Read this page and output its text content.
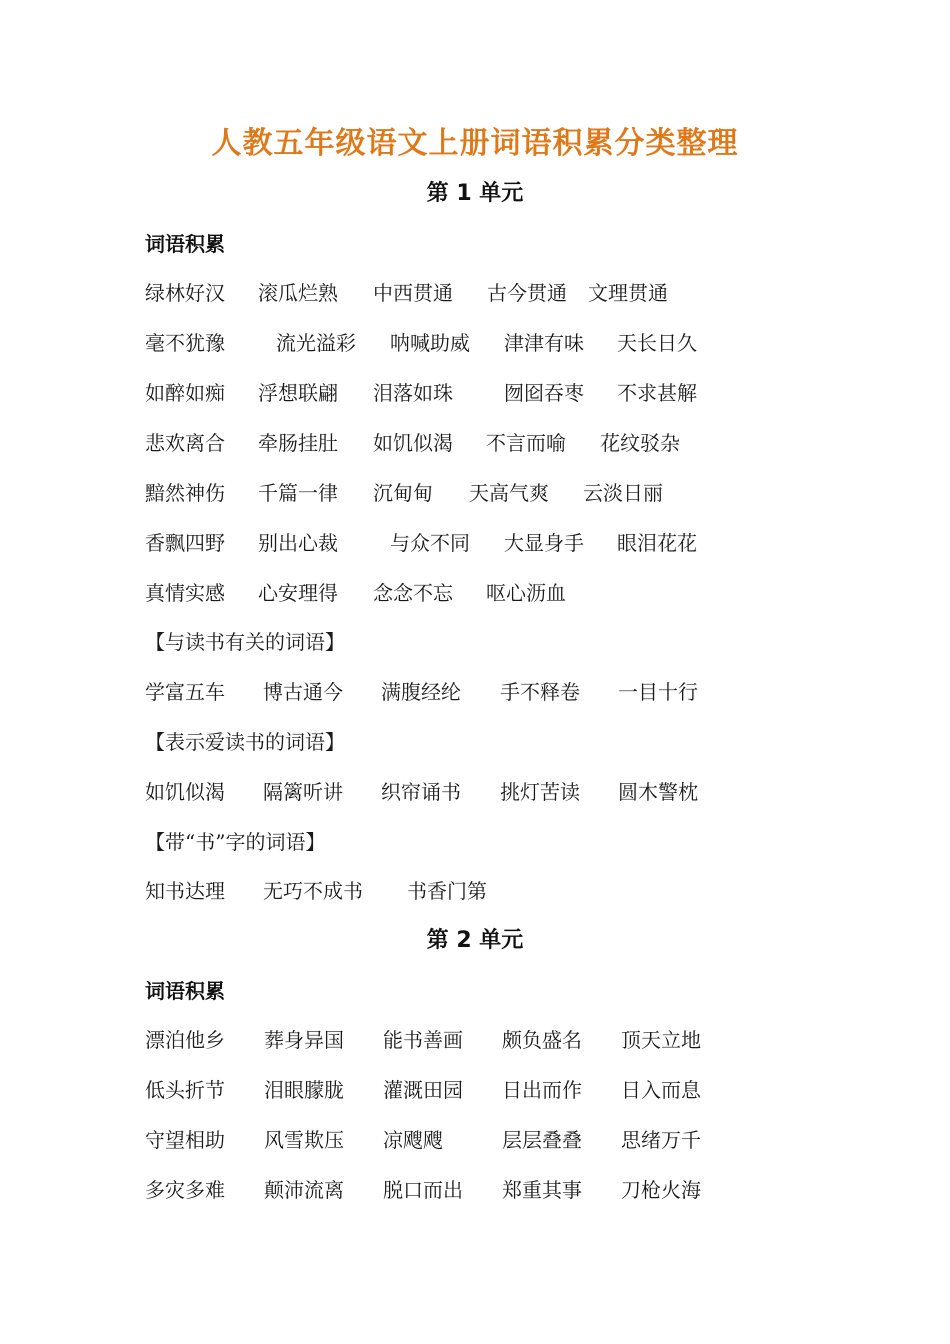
人教五年级语文上册词语积累分类整理
第 1 单元
词语积累
绿林好汉 滚瓜烂熟 中西贯通 古今贯通 文理贯通
毫不犹豫	流光溢彩 呐喊助威 津津有味 天长日久
如醉如痴 浮想联翩 泪落如珠	囫囵吞枣 不求甚解
悲欢离合 牵肠挂肚 如饥似渴 不言而喻 花纹驳杂
黯然神伤 千篇一律 沉甸甸 天高气爽 云淡日丽
香飘四野 别出心裁	与众不同 大显身手 眼泪花花
真情实感 心安理得 念念不忘 呕心沥血
【与读书有关的词语】
学富五车 博古通今 满腹经纶 手不释卷 一目十行
【表示爱读书的词语】
如饥似渴 隔篱听讲 织帘诵书 挑灯苦读 圆木警枕
【带“书”字的词语】
知书达理 无巧不成书 书香门第
第 2 单元
词语积累
漂泊他乡 葬身异国 能书善画 颇负盛名 顶天立地
低头折节 泪眼朦胧 灌溉田园 日出而作 日入而息
守望相助 风雪欺压 凉飕飕	层层叠叠 思绪万千
多灾多难 颠沛流离 脱口而出 郑重其事 刀枪火海
